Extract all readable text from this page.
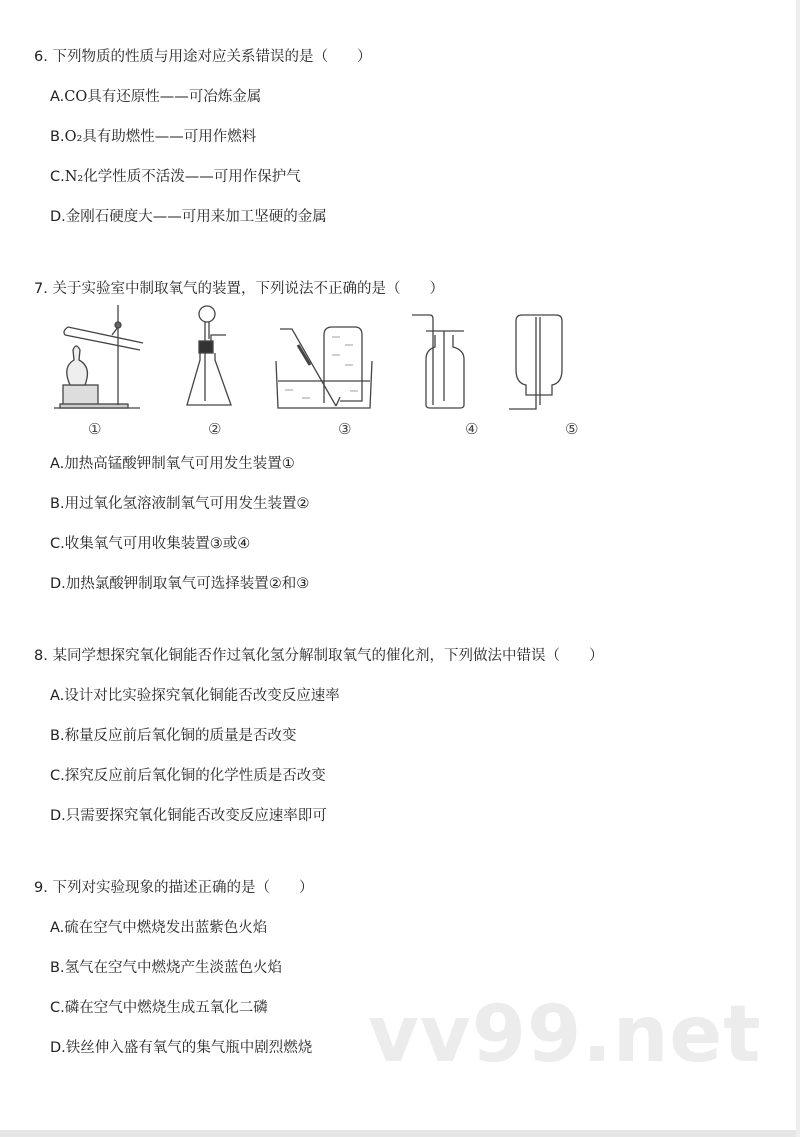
6. 下列物质的性质与用途对应关系错误的是（　　）
A.CO具有还原性——可冶炼金属
B.O₂具有助燃性——可用作燃料
C.N₂化学性质不活泼——可用作保护气
D.金刚石硬度大——可用来加工坚硬的金属
7. 关于实验室中制取氧气的装置，下列说法不正确的是（　　）
①	②	③	④	⑤
A.加热高锰酸钾制氧气可用发生装置①
B.用过氧化氢溶液制氧气可用发生装置②
C.收集氧气可用收集装置③或④
D.加热氯酸钾制取氧气可选择装置②和③
8. 某同学想探究氧化铜能否作过氧化氢分解制取氧气的催化剂，下列做法中错误（　　）
A.设计对比实验探究氧化铜能否改变反应速率
B.称量反应前后氧化铜的质量是否改变
C.探究反应前后氧化铜的化学性质是否改变
D.只需要探究氧化铜能否改变反应速率即可
9. 下列对实验现象的描述正确的是（　　）
A.硫在空气中燃烧发出蓝紫色火焰
B.氢气在空气中燃烧产生淡蓝色火焰
C.磷在空气中燃烧生成五氧化二磷 vv99.net
D.铁丝伸入盛有氧气的集气瓶中剧烈燃烧
